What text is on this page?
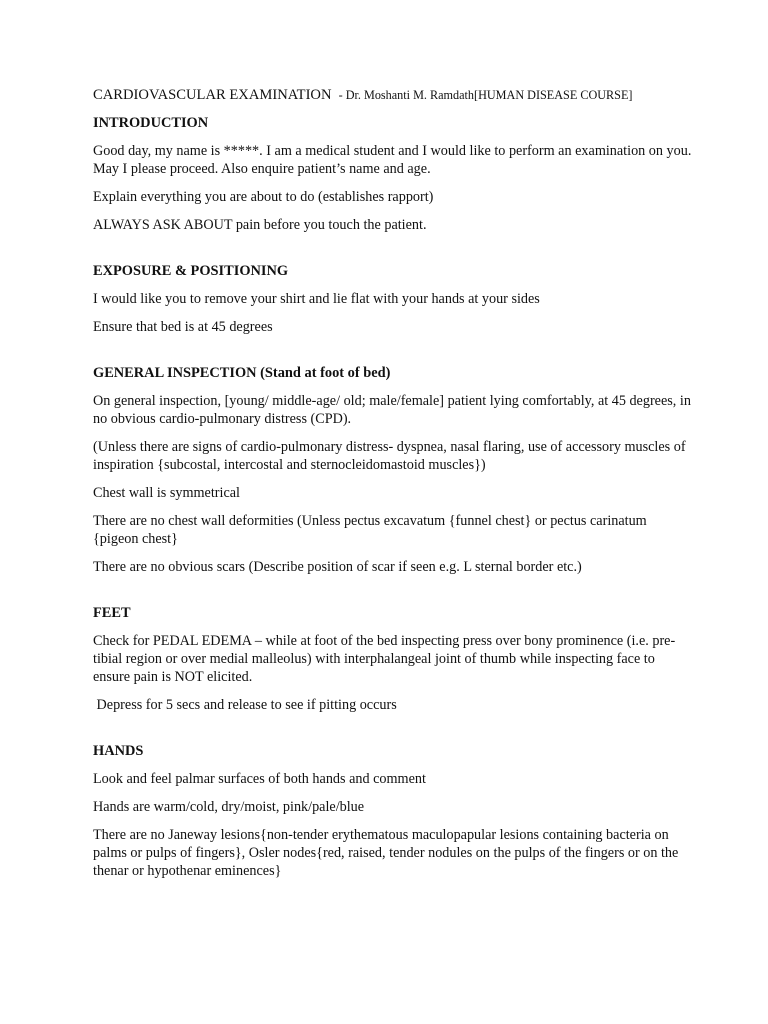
CARDIOVASCULAR EXAMINATION - Dr. Moshanti M. Ramdath[HUMAN DISEASE COURSE]
INTRODUCTION

Good day, my name is *****. I am a medical student and I would like to perform an examination on you. May I please proceed. Also enquire patient’s name and age.

Explain everything you are about to do (establishes rapport)

ALWAYS ASK ABOUT pain before you touch the patient.

EXPOSURE & POSITIONING

I would like you to remove your shirt and lie flat with your hands at your sides

Ensure that bed is at 45 degrees

GENERAL INSPECTION (Stand at foot of bed)

On general inspection, [young/ middle-age/ old; male/female] patient lying comfortably, at 45 degrees, in no obvious cardio-pulmonary distress (CPD).

(Unless there are signs of cardio-pulmonary distress- dyspnea, nasal flaring, use of accessory muscles of inspiration {subcostal, intercostal and sternocleidomastoid muscles})

Chest wall is symmetrical

There are no chest wall deformities (Unless pectus excavatum {funnel chest} or pectus carinatum {pigeon chest}

There are no obvious scars (Describe position of scar if seen e.g. L sternal border etc.)

FEET

Check for PEDAL EDEMA – while at foot of the bed inspecting press over bony prominence (i.e. pre-tibial region or over medial malleolus) with interphalangeal joint of thumb while inspecting face to ensure pain is NOT elicited.

Depress for 5 secs and release to see if pitting occurs

HANDS

Look and feel palmar surfaces of both hands and comment

Hands are warm/cold, dry/moist, pink/pale/blue

There are no Janeway lesions{non-tender erythematous maculopapular lesions containing bacteria on palms or pulps of fingers}, Osler nodes{red, raised, tender nodules on the pulps of the fingers or on the thenar or hypothenar eminences}
